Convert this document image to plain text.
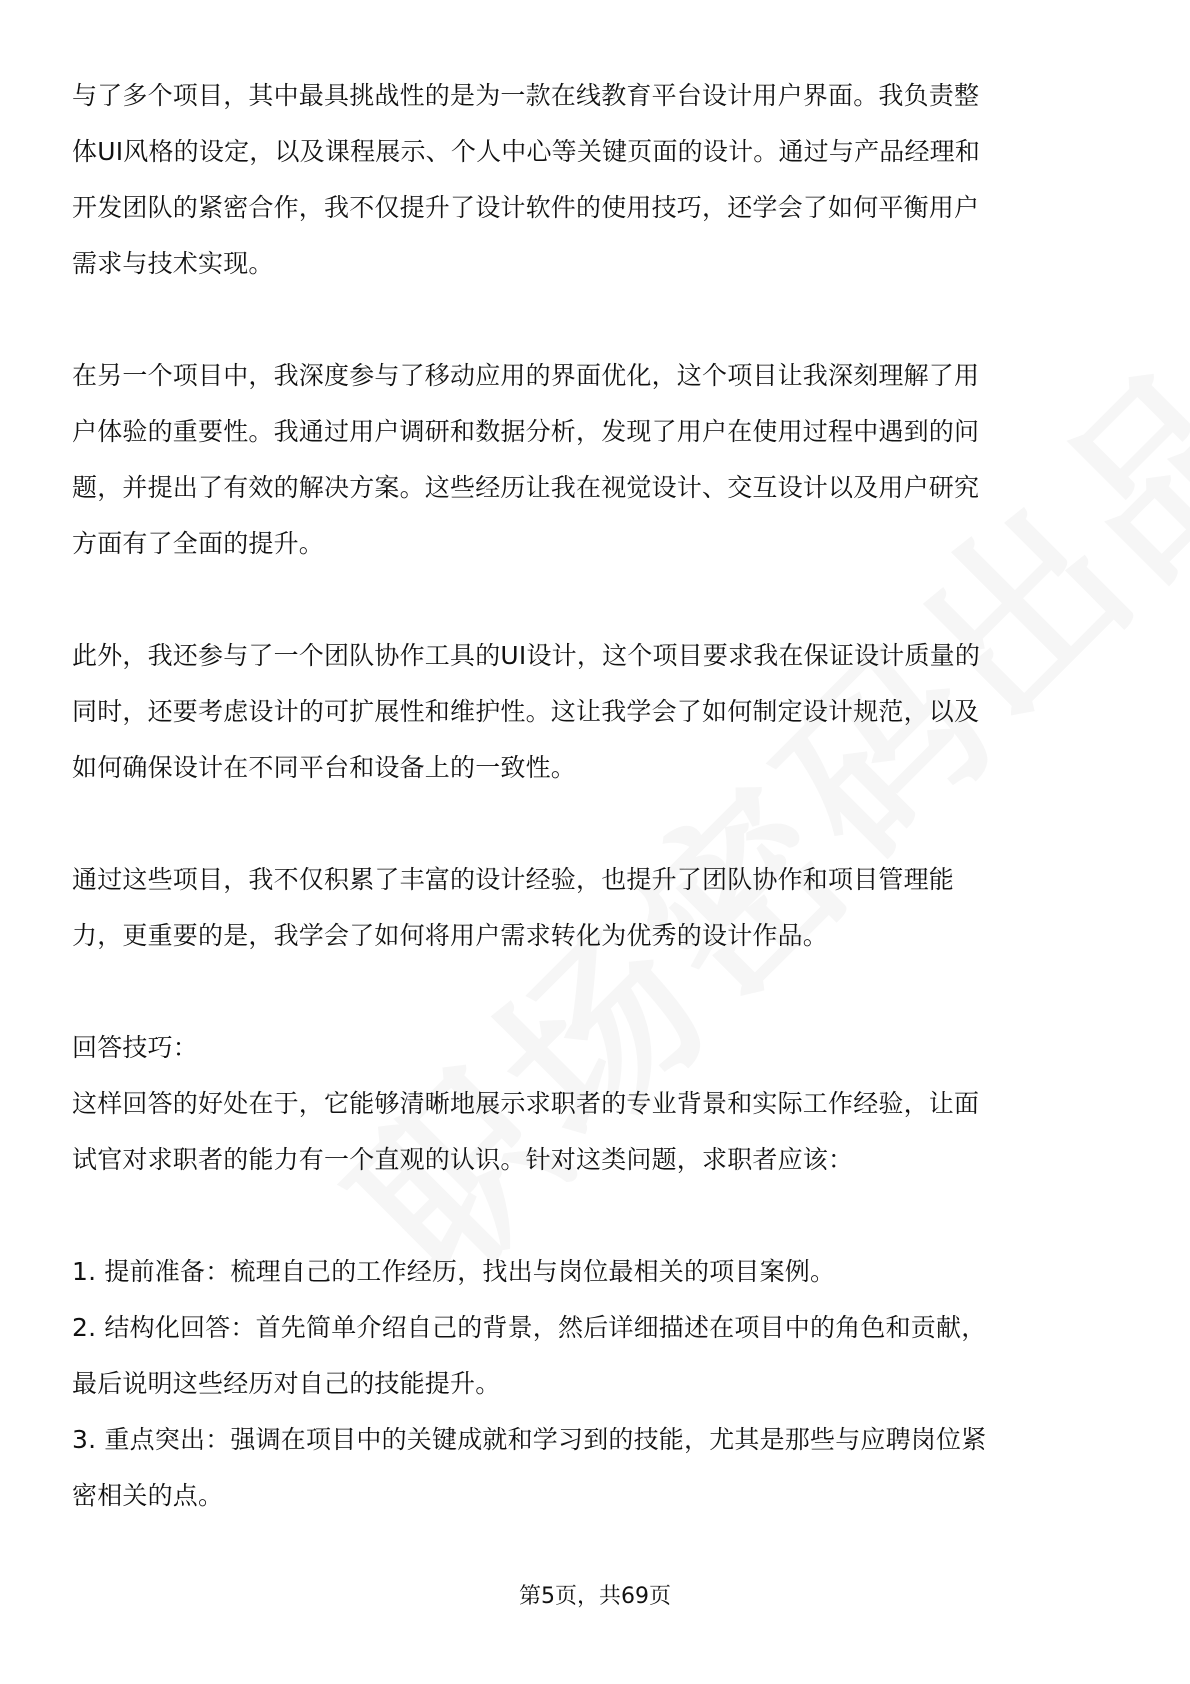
与了多个项目，其中最具挑战性的是为一款在线教育平台设计用户界面。我负责整

体UI风格的设定，以及课程展示、个人中心等关键页面的设计。通过与产品经理和

开发团队的紧密合作，我不仅提升了设计软件的使用技巧，还学会了如何平衡用户

需求与技术实现。

在另一个项目中，我深度参与了移动应用的界面优化，这个项目让我深刻理解了用

户体验的重要性。我通过用户调研和数据分析，发现了用户在使用过程中遇到的问

题，并提出了有效的解决方案。这些经历让我在视觉设计、交互设计以及用户研究

方面有了全面的提升。

此外，我还参与了一个团队协作工具的UI设计，这个项目要求我在保证设计质量的

同时，还要考虑设计的可扩展性和维护性。这让我学会了如何制定设计规范，以及

如何确保设计在不同平台和设备上的一致性。

通过这些项目，我不仅积累了丰富的设计经验，也提升了团队协作和项目管理能

力，更重要的是，我学会了如何将用户需求转化为优秀的设计作品。

回答技巧：

这样回答的好处在于，它能够清晰地展示求职者的专业背景和实际工作经验，让面

试官对求职者的能力有一个直观的认识。针对这类问题，求职者应该：

1. 提前准备：梳理自己的工作经历，找出与岗位最相关的项目案例。

2. 结构化回答：首先简单介绍自己的背景，然后详细描述在项目中的角色和贡献，

最后说明这些经历对自己的技能提升。

3. 重点突出：强调在项目中的关键成就和学习到的技能，尤其是那些与应聘岗位紧

密相关的点。

第5页，共69页
